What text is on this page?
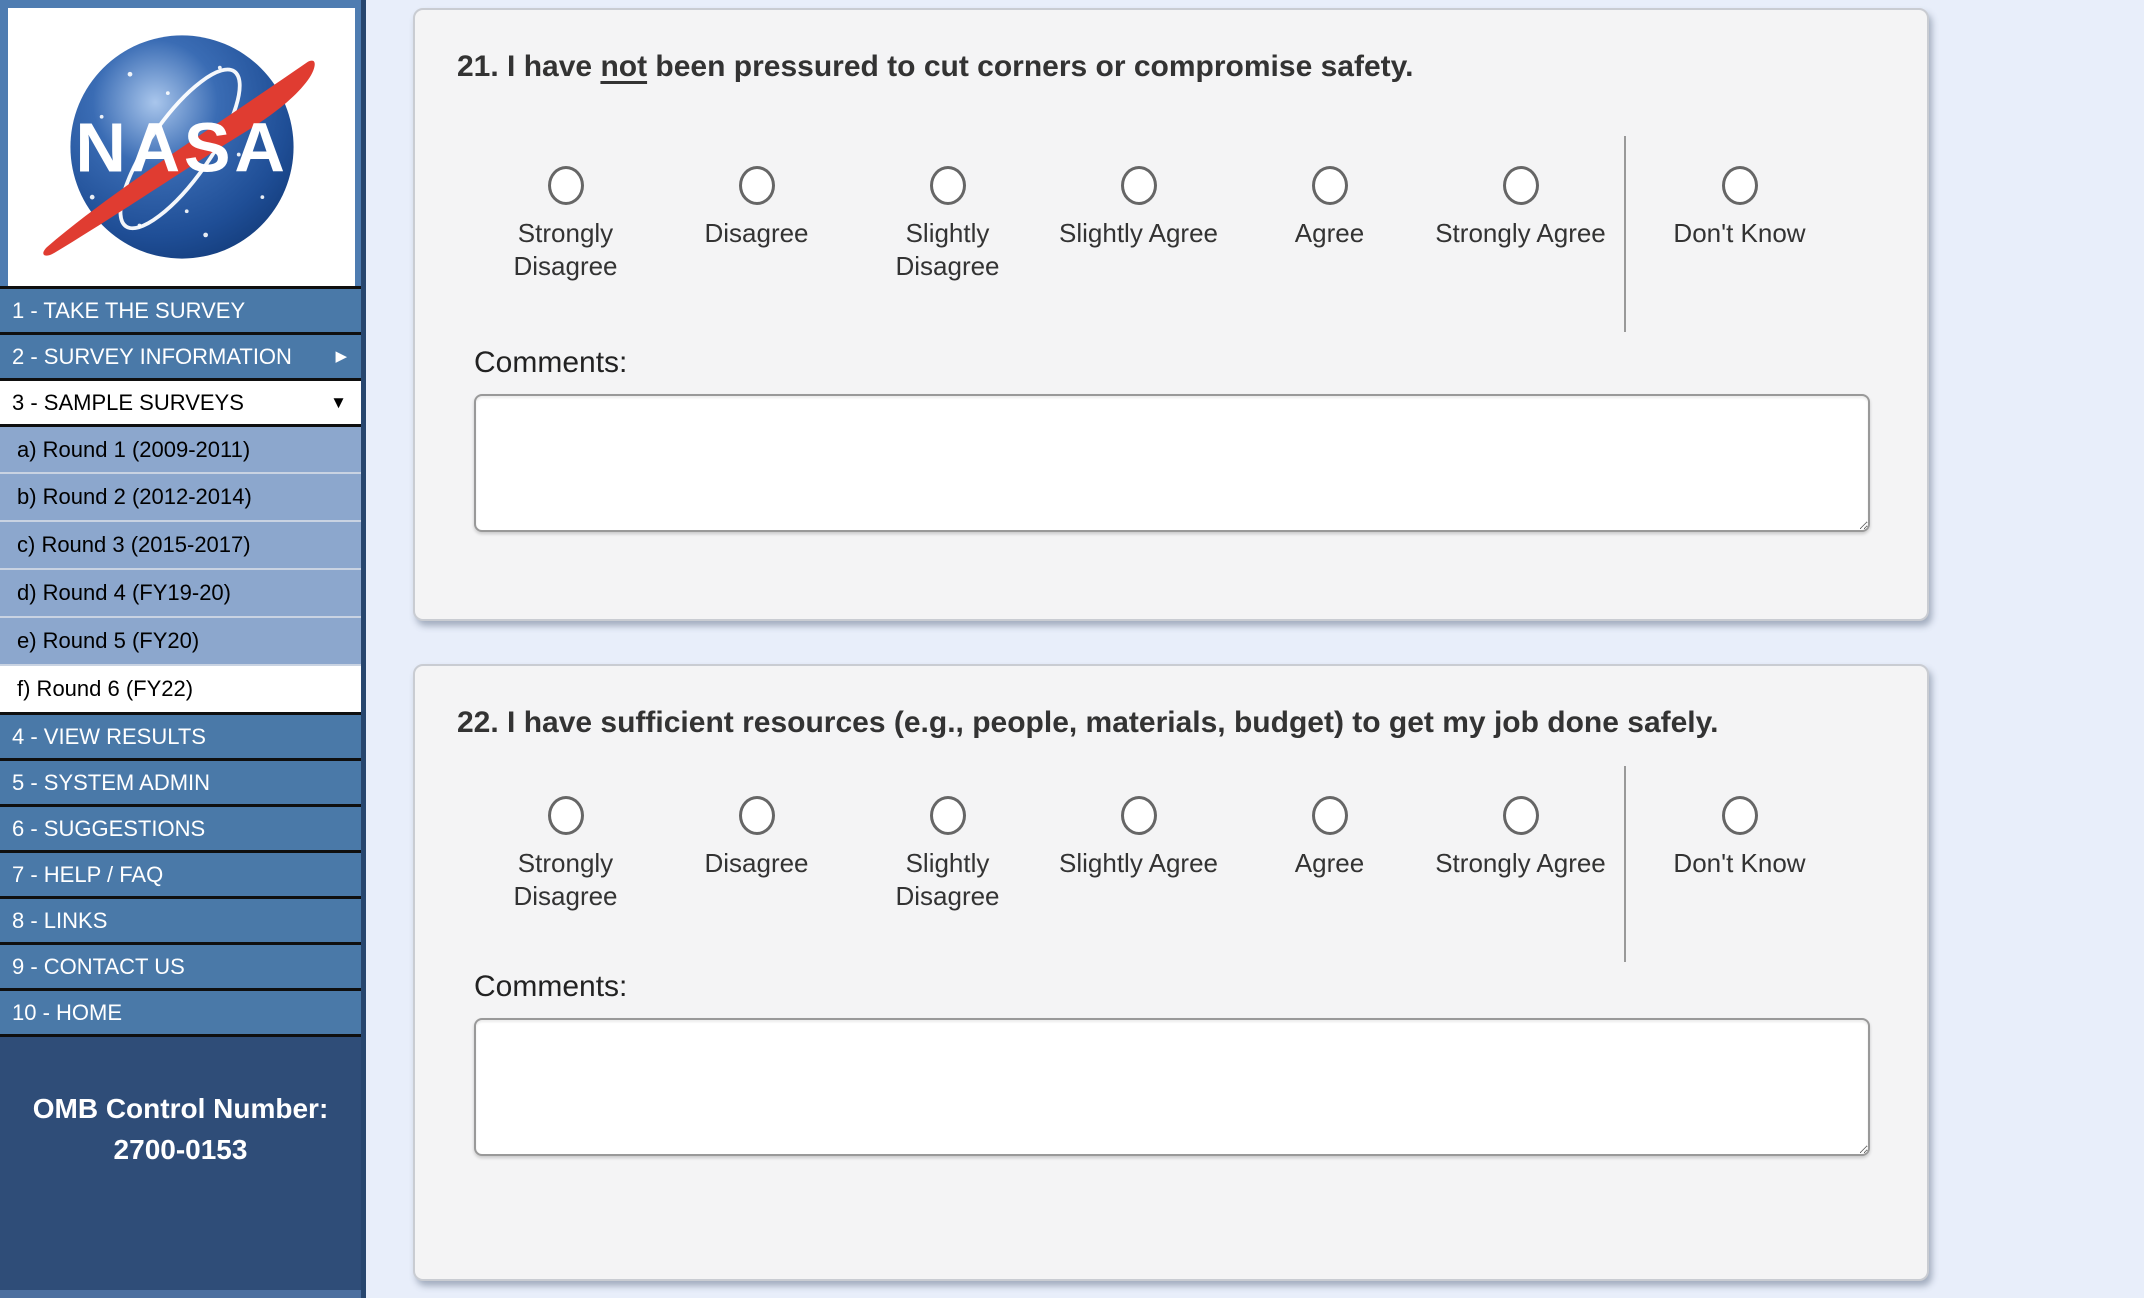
NASA
1 - TAKE THE SURVEY
2 - SURVEY INFORMATION	▶
3 - SAMPLE SURVEYS	▼
a) Round 1 (2009-2011)
b) Round 2 (2012-2014)
c) Round 3 (2015-2017)
d) Round 4 (FY19-20)
e) Round 5 (FY20)
f) Round 6 (FY22)
4 - VIEW RESULTS
5 - SYSTEM ADMIN
6 - SUGGESTIONS
7 - HELP / FAQ
8 - LINKS
9 - CONTACT US
10 - HOME
OMB Control Number:
2700-0153
21. I have not been pressured to cut corners or compromise safety.
Strongly Disagree
Disagree	Slightly Disagree
Slightly Agree	Agree	Strongly Agree	Don't Know
Comments:
22. I have sufficient resources (e.g., people, materials, budget) to get my job done safely.
Strongly Disagree
Disagree	Slightly Disagree
Slightly Agree	Agree	Strongly Agree	Don't Know
Comments:
